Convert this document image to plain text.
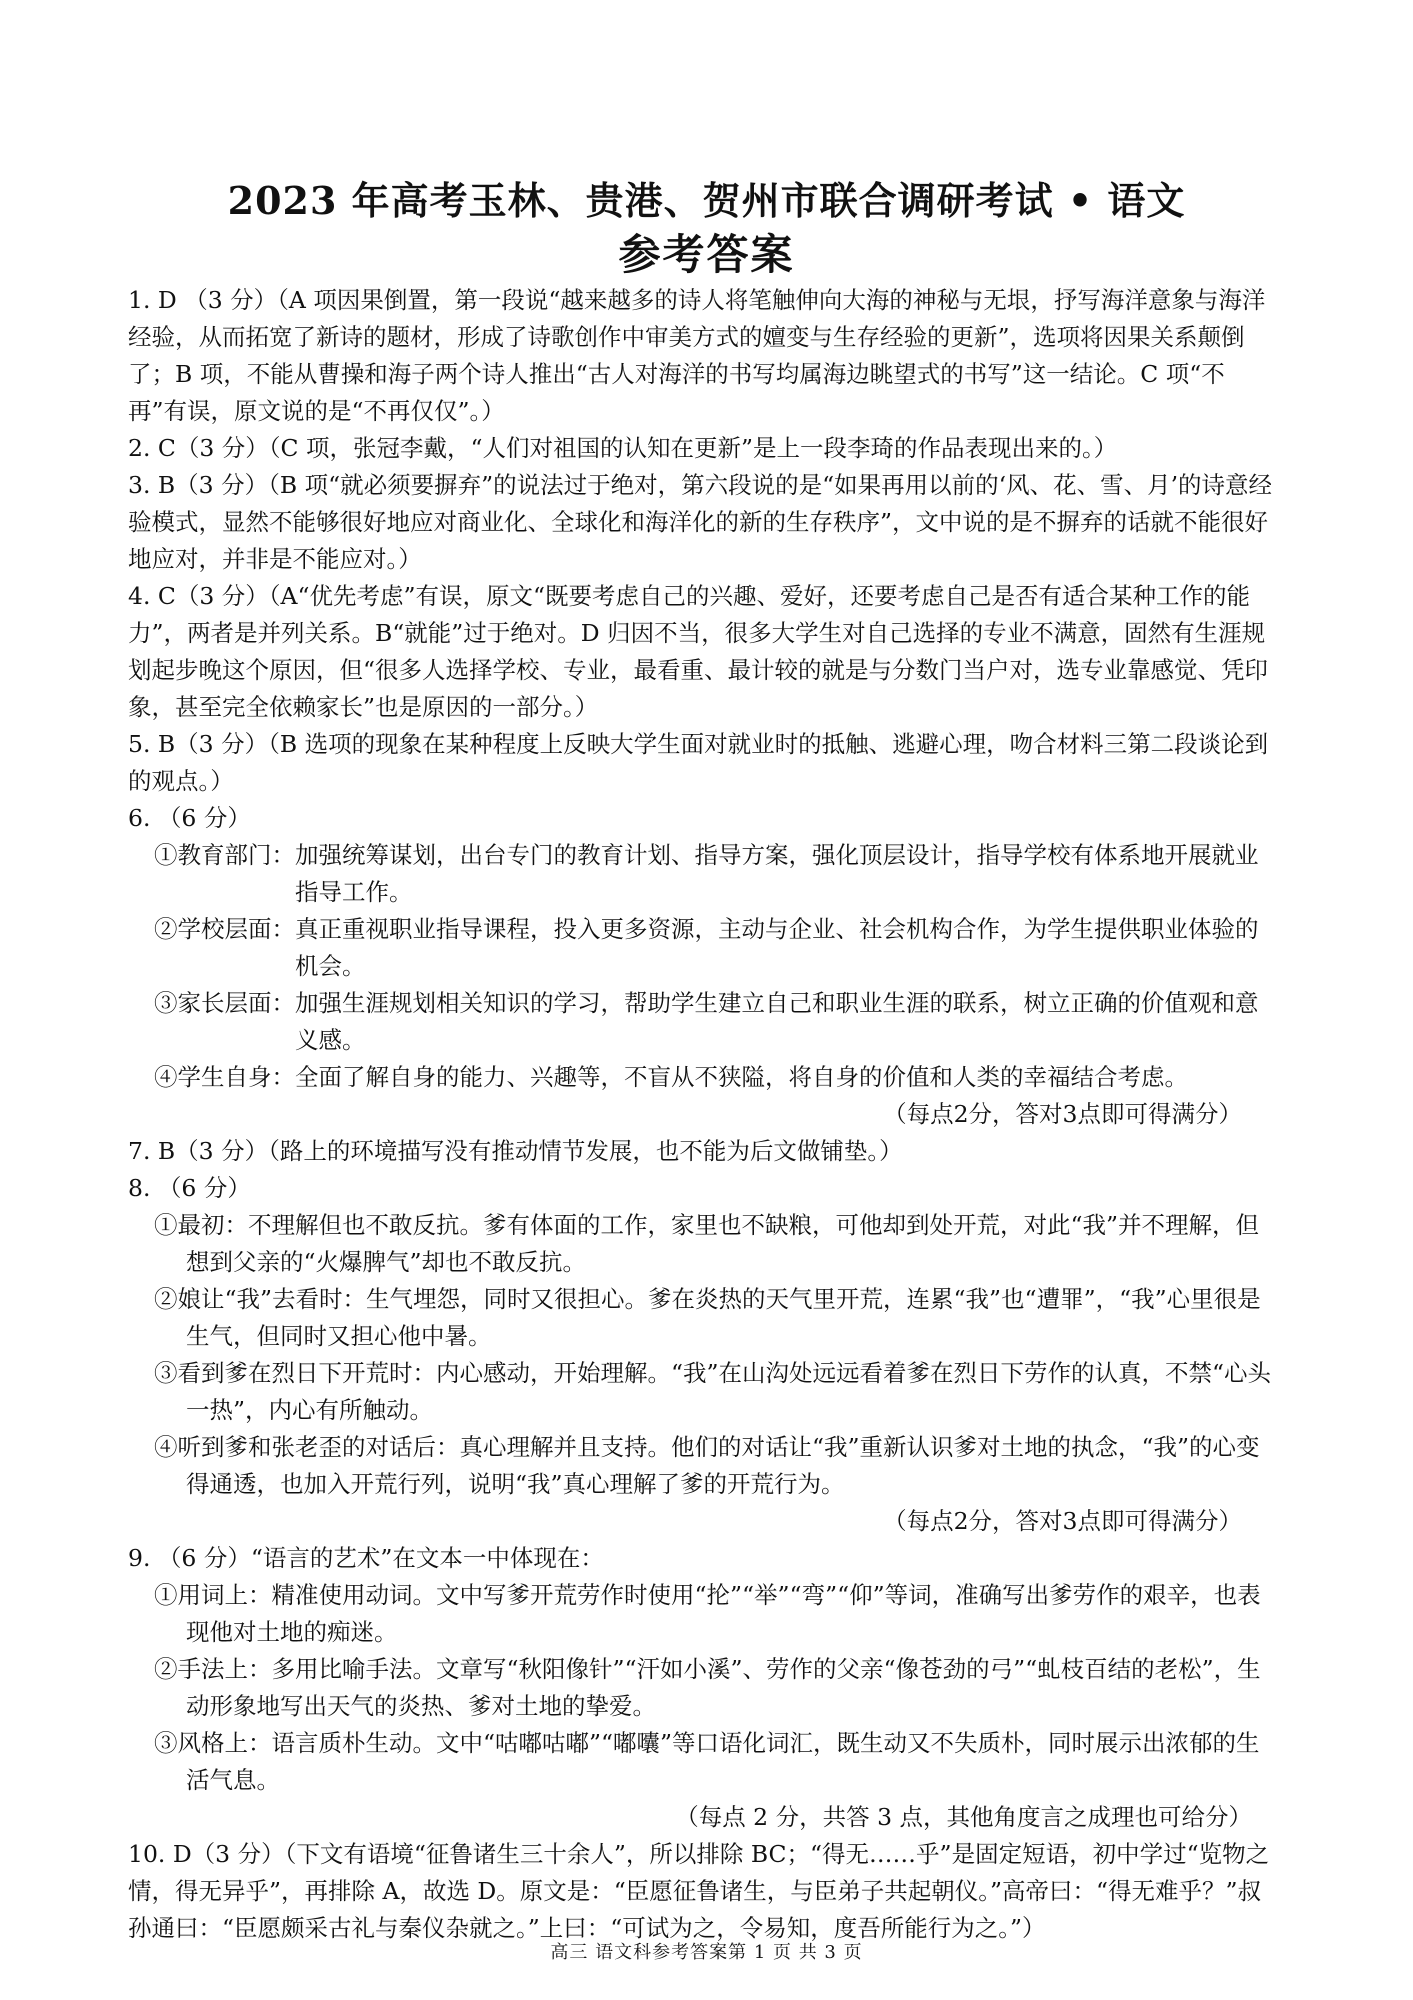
2023 年高考玉林、贵港、贺州市联合调研考试 • 语文
参考答案

1. D （3 分）（A 项因果倒置，第一段说“越来越多的诗人将笔触伸向大海的神秘与无垠，抒写海洋意象与海洋经验，从而拓宽了新诗的题材，形成了诗歌创作中审美方式的嬗变与生存经验的更新”，选项将因果关系颠倒了；B 项，不能从曹操和海子两个诗人推出“古人对海洋的书写均属海边眺望式的书写”这一结论。C 项“不再”有误，原文说的是“不再仅仅”。）

2. C（3 分）（C 项，张冠李戴，“人们对祖国的认知在更新”是上一段李琦的作品表现出来的。）

3. B（3 分）（B 项“就必须要摒弃”的说法过于绝对，第六段说的是“如果再用以前的‘风、花、雪、月’的诗意经验模式，显然不能够很好地应对商业化、全球化和海洋化的新的生存秩序”，文中说的是不摒弃的话就不能很好地应对，并非是不能应对。）

4. C（3 分）（A“优先考虑”有误，原文“既要考虑自己的兴趣、爱好，还要考虑自己是否有适合某种工作的能力”，两者是并列关系。B“就能”过于绝对。D 归因不当，很多大学生对自己选择的专业不满意，固然有生涯规划起步晚这个原因，但“很多人选择学校、专业，最看重、最计较的就是与分数门当户对，选专业靠感觉、凭印象，甚至完全依赖家长”也是原因的一部分。）

5. B（3 分）（B 选项的现象在某种程度上反映大学生面对就业时的抵触、逃避心理，吻合材料三第二段谈论到的观点。）

6. （6 分）

①教育部门： 加强统筹谋划，出台专门的教育计划、指导方案，强化顶层设计，指导学校有体系地开展就业指导工作。
②学校层面： 真正重视职业指导课程，投入更多资源，主动与企业、社会机构合作，为学生提供职业体验的机会。
③家长层面： 加强生涯规划相关知识的学习，帮助学生建立自己和职业生涯的联系，树立正确的价值观和意义感。
④学生自身： 全面了解自身的能力、兴趣等，不盲从不狭隘，将自身的价值和人类的幸福结合考虑。

（每点2分，答对3点即可得满分）

7. B（3 分）（路上的环境描写没有推动情节发展，也不能为后文做铺垫。）

8. （6 分）

①最初：不理解但也不敢反抗。爹有体面的工作，家里也不缺粮，可他却到处开荒，对此“我”并不理解，但想到父亲的“火爆脾气”却也不敢反抗。
②娘让“我”去看时：生气埋怨，同时又很担心。爹在炎热的天气里开荒，连累“我”也“遭罪”，“我”心里很是生气，但同时又担心他中暑。
③看到爹在烈日下开荒时：内心感动，开始理解。“我”在山沟处远远看着爹在烈日下劳作的认真，不禁“心头一热”，内心有所触动。
④听到爹和张老歪的对话后：真心理解并且支持。他们的对话让“我”重新认识爹对土地的执念，“我”的心变得通透，也加入开荒行列，说明“我”真心理解了爹的开荒行为。

（每点2分，答对3点即可得满分）

9. （6 分）“语言的艺术”在文本一中体现在：

①用词上：精准使用动词。文中写爹开荒劳作时使用“抡”“举”“弯”“仰”等词，准确写出爹劳作的艰辛，也表现他对土地的痴迷。
②手法上：多用比喻手法。文章写“秋阳像针”“汗如小溪”、劳作的父亲“像苍劲的弓”“虬枝百结的老松”，生动形象地写出天气的炎热、爹对土地的挚爱。
③风格上：语言质朴生动。文中“咕嘟咕嘟”“嘟囔”等口语化词汇，既生动又不失质朴，同时展示出浓郁的生活气息。

（每点 2 分，共答 3 点，其他角度言之成理也可给分）

10. D（3 分）（下文有语境“征鲁诸生三十余人”，所以排除 BC；“得无……乎”是固定短语，初中学过“览物之情，得无异乎”，再排除 A，故选 D。原文是：“臣愿征鲁诸生，与臣弟子共起朝仪。”高帝曰：“得无难乎？”叔孙通曰：“臣愿颇采古礼与秦仪杂就之。”上曰：“可试为之，令易知，度吾所能行为之。”）

高三 语文科参考答案第 1 页 共 3 页
